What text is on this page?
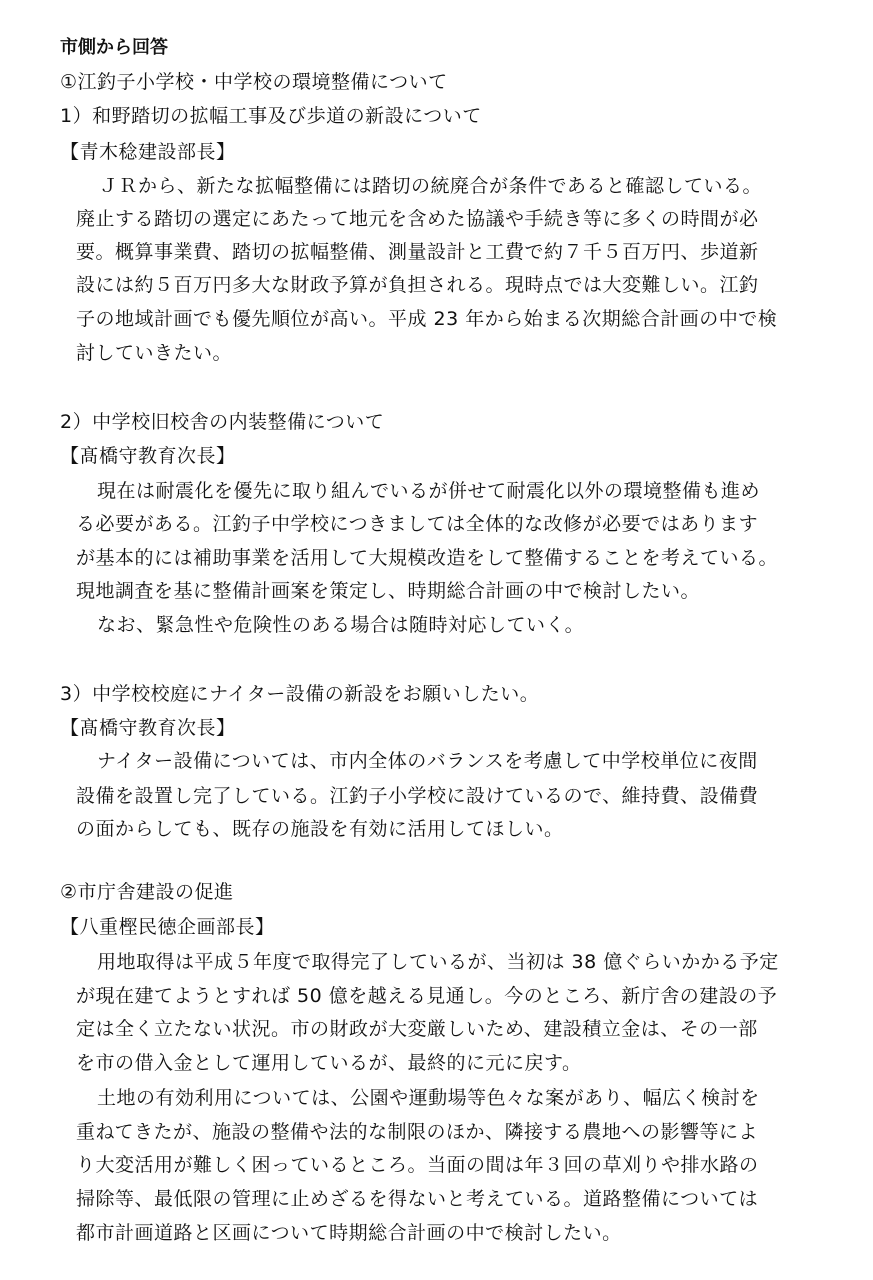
市側から回答
①江釣子小学校・中学校の環境整備について
1）和野踏切の拡幅工事及び歩道の新設について
【青木稔建設部長】
ＪＲから、新たな拡幅整備には踏切の統廃合が条件であると確認している。
廃止する踏切の選定にあたって地元を含めた協議や手続き等に多くの時間が必
要。概算事業費、踏切の拡幅整備、測量設計と工費で約７千５百万円、歩道新
設には約５百万円多大な財政予算が負担される。現時点では大変難しい。江釣
子の地域計画でも優先順位が高い。平成 23 年から始まる次期総合計画の中で検
討していきたい。
2）中学校旧校舎の内装整備について
【髙橋守教育次長】
現在は耐震化を優先に取り組んでいるが併せて耐震化以外の環境整備も進め
る必要がある。江釣子中学校につきましては全体的な改修が必要ではあります
が基本的には補助事業を活用して大規模改造をして整備することを考えている。
現地調査を基に整備計画案を策定し、時期総合計画の中で検討したい。
なお、緊急性や危険性のある場合は随時対応していく。
3）中学校校庭にナイター設備の新設をお願いしたい。
【髙橋守教育次長】
ナイター設備については、市内全体のバランスを考慮して中学校単位に夜間
設備を設置し完了している。江釣子小学校に設けているので、維持費、設備費
の面からしても、既存の施設を有効に活用してほしい。
②市庁舎建設の促進
【八重樫民徳企画部長】
用地取得は平成５年度で取得完了しているが、当初は 38 億ぐらいかかる予定
が現在建てようとすれば 50 億を越える見通し。今のところ、新庁舎の建設の予
定は全く立たない状況。市の財政が大変厳しいため、建設積立金は、その一部
を市の借入金として運用しているが、最終的に元に戻す。
土地の有効利用については、公園や運動場等色々な案があり、幅広く検討を
重ねてきたが、施設の整備や法的な制限のほか、隣接する農地への影響等によ
り大変活用が難しく困っているところ。当面の間は年３回の草刈りや排水路の
掃除等、最低限の管理に止めざるを得ないと考えている。道路整備については
都市計画道路と区画について時期総合計画の中で検討したい。
